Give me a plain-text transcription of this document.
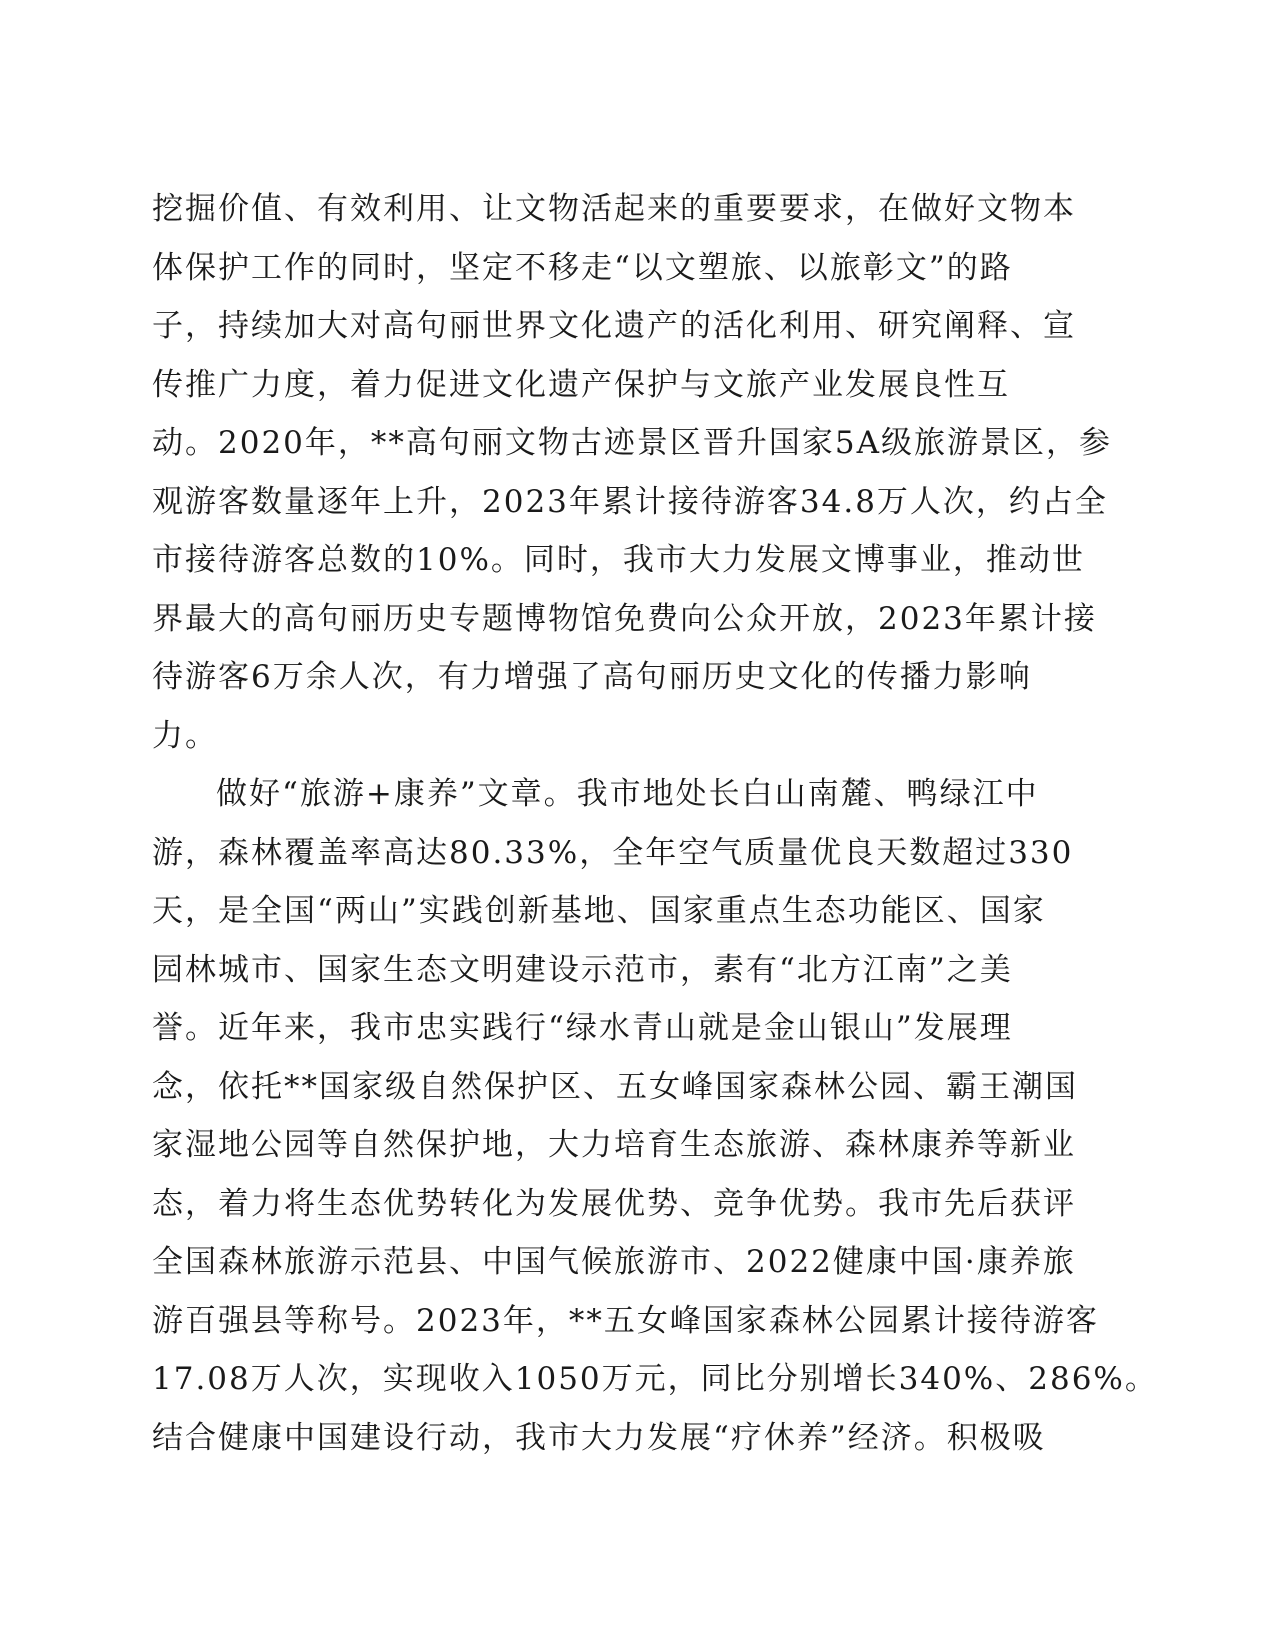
挖掘价值、有效利用、让文物活起来的重要要求，在做好文物本
体保护工作的同时，坚定不移走“以文塑旅、以旅彰文”的路
子，持续加大对高句丽世界文化遗产的活化利用、研究阐释、宣
传推广力度，着力促进文化遗产保护与文旅产业发展良性互
动。2020年，**高句丽文物古迹景区晋升国家5A级旅游景区，参
观游客数量逐年上升，2023年累计接待游客34.8万人次，约占全
市接待游客总数的10%。同时，我市大力发展文博事业，推动世
界最大的高句丽历史专题博物馆免费向公众开放，2023年累计接
待游客6万余人次，有力增强了高句丽历史文化的传播力影响
力。
做好“旅游+康养”文章。我市地处长白山南麓、鸭绿江中
游，森林覆盖率高达80.33%，全年空气质量优良天数超过330
天，是全国“两山”实践创新基地、国家重点生态功能区、国家
园林城市、国家生态文明建设示范市，素有“北方江南”之美
誉。近年来，我市忠实践行“绿水青山就是金山银山”发展理
念，依托**国家级自然保护区、五女峰国家森林公园、霸王潮国
家湿地公园等自然保护地，大力培育生态旅游、森林康养等新业
态，着力将生态优势转化为发展优势、竞争优势。我市先后获评
全国森林旅游示范县、中国气候旅游市、2022健康中国·康养旅
游百强县等称号。2023年，**五女峰国家森林公园累计接待游客
17.08万人次，实现收入1050万元，同比分别增长340%、286%。
结合健康中国建设行动，我市大力发展“疗休养”经济。积极吸
